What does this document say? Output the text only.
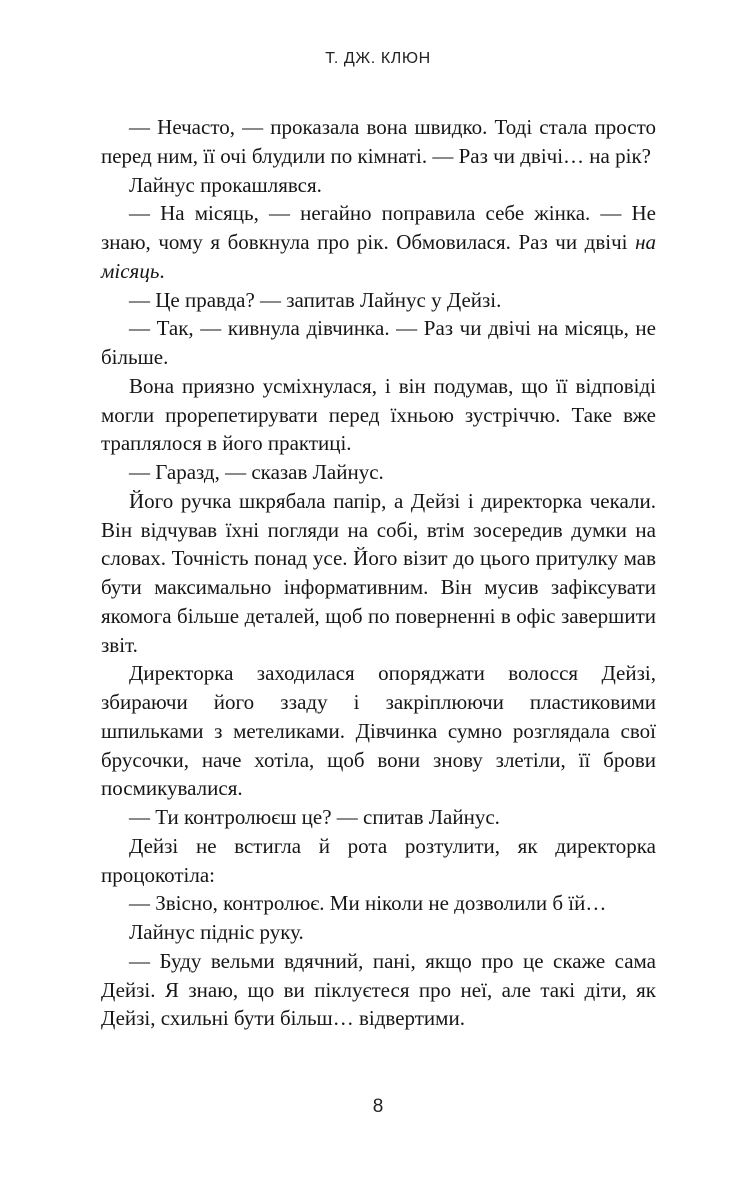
Т. ДЖ. КЛЮН

— Нечасто, — проказала вона швидко. Тоді стала просто перед ним, її очі блудили по кімнаті. — Раз чи двічі… на рік?

Лайнус прокашлявся.

— На місяць, — негайно поправила себе жінка. — Не знаю, чому я бовкнула про рік. Обмовилася. Раз чи двічі на місяць.

— Це правда? — запитав Лайнус у Дейзі.

— Так, — кивнула дівчинка. — Раз чи двічі на місяць, не більше.

Вона приязно усміхнулася, і він подумав, що її відповіді могли прорепетирувати перед їхньою зустріччю. Таке вже траплялося в його практиці.

— Гаразд, — сказав Лайнус.

Його ручка шкрябала папір, а Дейзі і директорка чекали. Він відчував їхні погляди на собі, втім зосередив думки на словах. Точність понад усе. Його візит до цього притулку мав бути максимально інформативним. Він мусив зафіксувати якомога більше деталей, щоб по поверненні в офіс завершити звіт.

Директорка заходилася опоряджати волосся Дейзі, збираючи його ззаду і закріплюючи пластиковими шпильками з метеликами. Дівчинка сумно розглядала свої брусочки, наче хотіла, щоб вони знову злетіли, її брови посмикувалися.

— Ти контролюєш це? — спитав Лайнус.

Дейзі не встигла й рота розтулити, як директорка процокотіла:

— Звісно, контролює. Ми ніколи не дозволили б їй…

Лайнус підніс руку.

— Буду вельми вдячний, пані, якщо про це скаже сама Дейзі. Я знаю, що ви піклуєтеся про неї, але такі діти, як Дейзі, схильні бути більш… відвертими.

8
